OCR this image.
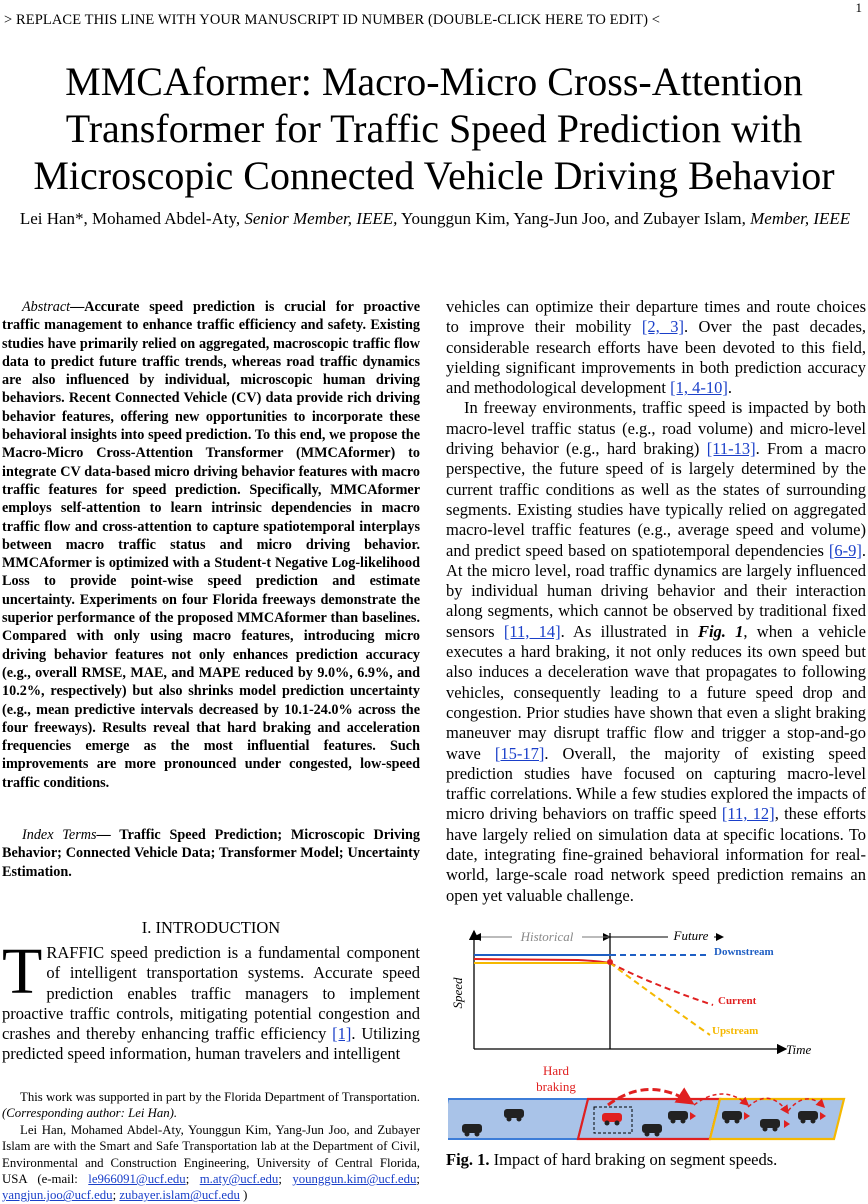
> REPLACE THIS LINE WITH YOUR MANUSCRIPT ID NUMBER (DOUBLE-CLICK HERE TO EDIT) <
1
MMCAformer: Macro-Micro Cross-Attention
Transformer for Traffic Speed Prediction with
Microscopic Connected Vehicle Driving Behavior
Lei Han*, Mohamed Abdel-Aty, Senior Member, IEEE, Younggun Kim, Yang-Jun Joo, and Zubayer Islam, Member, IEEE

Abstract—Accurate speed prediction is crucial for proactive traffic management to enhance traffic efficiency and safety. Existing studies have primarily relied on aggregated, macroscopic traffic flow data to predict future traffic trends, whereas road traffic dynamics are also influenced by individual, microscopic human driving behaviors. Recent Connected Vehicle (CV) data provide rich driving behavior features, offering new opportunities to incorporate these behavioral insights into speed prediction. To this end, we propose the Macro-Micro Cross-Attention Transformer (MMCAformer) to integrate CV data-based micro driving behavior features with macro traffic features for speed prediction. Specifically, MMCAformer employs self-attention to learn intrinsic dependencies in macro traffic flow and cross-attention to capture spatiotemporal interplays between macro traffic status and micro driving behavior. MMCAformer is optimized with a Student-t Negative Log-likelihood Loss to provide point-wise speed prediction and estimate uncertainty. Experiments on four Florida freeways demonstrate the superior performance of the proposed MMCAformer than baselines. Compared with only using macro features, introducing micro driving behavior features not only enhances prediction accuracy (e.g., overall RMSE, MAE, and MAPE reduced by 9.0%, 6.9%, and 10.2%, respectively) but also shrinks model prediction uncertainty (e.g., mean predictive intervals decreased by 10.1-24.0% across the four freeways). Results reveal that hard braking and acceleration frequencies emerge as the most influential features. Such improvements are more pronounced under congested, low-speed traffic conditions.

Index Terms— Traffic Speed Prediction; Microscopic Driving Behavior; Connected Vehicle Data; Transformer Model; Uncertainty Estimation.

I. INTRODUCTION

TRAFFIC speed prediction is a fundamental component of intelligent transportation systems. Accurate speed prediction enables traffic managers to implement proactive traffic controls, mitigating potential congestion and crashes and thereby enhancing traffic efficiency [1]. Utilizing predicted speed information, human travelers and intelligent

This work was supported in part by the Florida Department of Transportation. (Corresponding author: Lei Han).

Lei Han, Mohamed Abdel-Aty, Younggun Kim, Yang-Jun Joo, and Zubayer Islam are with the Smart and Safe Transportation lab at the Department of Civil, Environmental and Construction Engineering, University of Central Florida, USA (e-mail: le966091@ucf.edu; m.aty@ucf.edu; younggun.kim@ucf.edu; yangjun.joo@ucf.edu; zubayer.islam@ucf.edu )

vehicles can optimize their departure times and route choices to improve their mobility [2, 3]. Over the past decades, considerable research efforts have been devoted to this field, yielding significant improvements in both prediction accuracy and methodological development [1, 4-10].

In freeway environments, traffic speed is impacted by both macro-level traffic status (e.g., road volume) and micro-level driving behavior (e.g., hard braking) [11-13]. From a macro perspective, the future speed of is largely determined by the current traffic conditions as well as the states of surrounding segments. Existing studies have typically relied on aggregated macro-level traffic features (e.g., average speed and volume) and predict speed based on spatiotemporal dependencies [6-9]. At the micro level, road traffic dynamics are largely influenced by individual human driving behavior and their interaction along segments, which cannot be observed by traditional fixed sensors [11, 14]. As illustrated in Fig. 1, when a vehicle executes a hard braking, it not only reduces its own speed but also induces a deceleration wave that propagates to following vehicles, consequently leading to a future speed drop and congestion. Prior studies have shown that even a slight braking maneuver may disrupt traffic flow and trigger a stop-and-go wave [15-17]. Overall, the majority of existing speed prediction studies have focused on capturing macro-level traffic correlations. While a few studies explored the impacts of micro driving behaviors on traffic speed [11, 12], these efforts have largely relied on simulation data at specific locations. To date, integrating fine-grained behavioral information for real-world, large-scale road network speed prediction remains an open yet valuable challenge.

Speed
Time
Historical	Future
Downstream
Current
Upstream
Hard
braking
Fig. 1. Impact of hard braking on segment speeds.
